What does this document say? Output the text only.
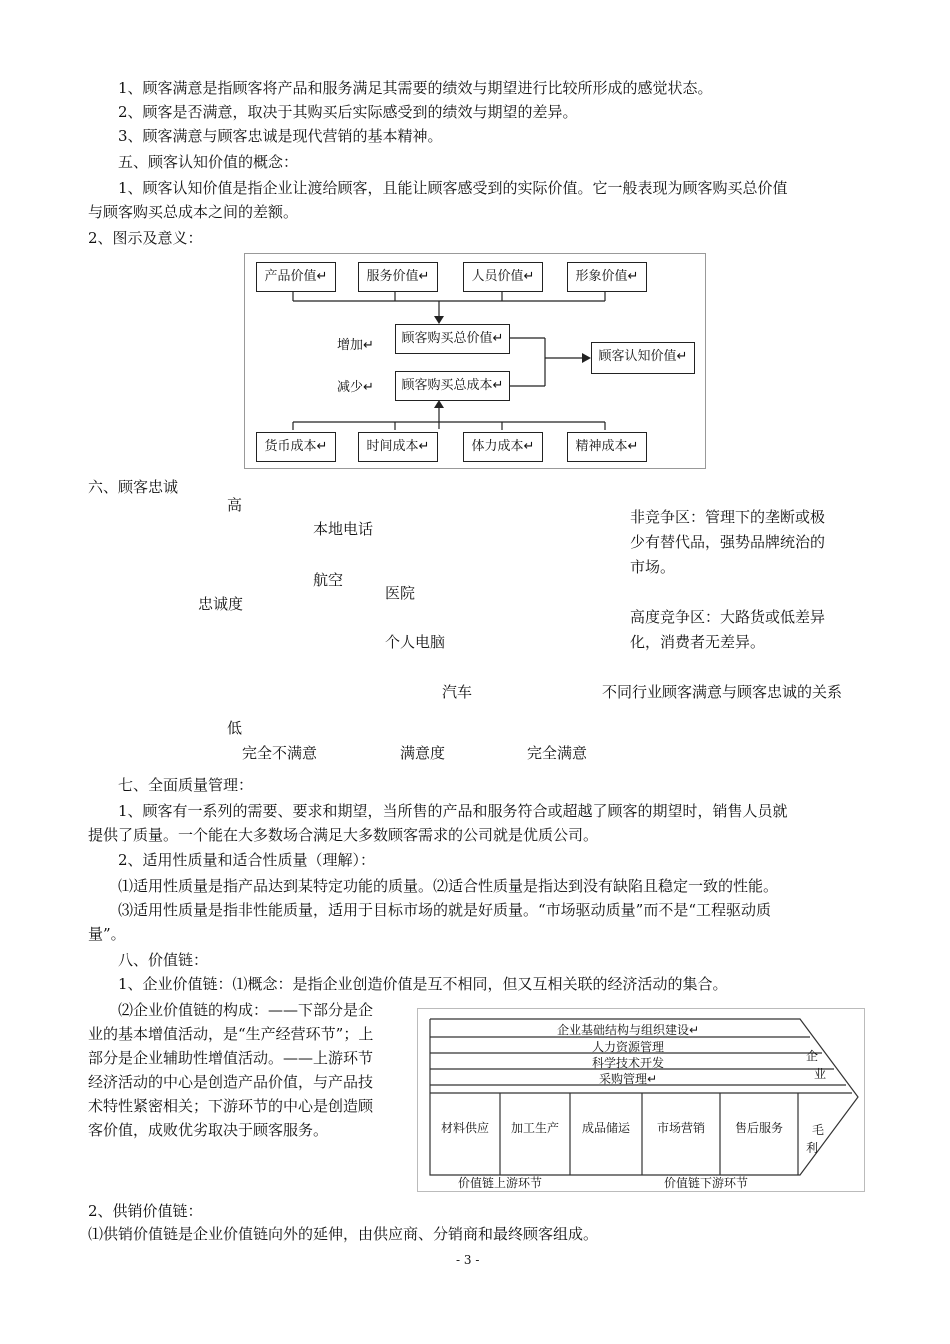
1、顾客满意是指顾客将产品和服务满足其需要的绩效与期望进行比较所形成的感觉状态。
2、顾客是否满意，取决于其购买后实际感受到的绩效与期望的差异。
3、顾客满意与顾客忠诚是现代营销的基本精神。
五、顾客认知价值的概念：
1、顾客认知价值是指企业让渡给顾客，且能让顾客感受到的实际价值。它一般表现为顾客购买总价值
与顾客购买总成本之间的差额。
2、图示及意义：
产品价值↵	服务价值↵	人员价值↵	形象价值↵
顾客购买总价值↵
顾客购买总成本↵
顾客认知价值↵
增加↵
减少↵
货币成本↵	时间成本↵	体力成本↵	精神成本↵
六、顾客忠诚
高
本地电话
航空
医院
忠诚度
个人电脑
汽车
低
完全不满意	满意度	完全满意
非竞争区：管理下的垄断或极
少有替代品，强势品牌统治的
市场。
高度竞争区：大路货或低差异
化，消费者无差异。
不同行业顾客满意与顾客忠诚的关系
七、全面质量管理：
1、顾客有一系列的需要、要求和期望，当所售的产品和服务符合或超越了顾客的期望时，销售人员就
提供了质量。一个能在大多数场合满足大多数顾客需求的公司就是优质公司。
2、适用性质量和适合性质量（理解）：
⑴适用性质量是指产品达到某特定功能的质量。⑵适合性质量是指达到没有缺陷且稳定一致的性能。
⑶适用性质量是指非性能质量，适用于目标市场的就是好质量。“市场驱动质量”而不是“工程驱动质
量”。
八、价值链：
1、企业价值链：⑴概念：是指企业创造价值是互不相同，但又互相关联的经济活动的集合。
⑵企业价值链的构成：——下部分是企
业的基本增值活动，是“生产经营环节”；上
部分是企业辅助性增值活动。——上游环节
经济活动的中心是创造产品价值，与产品技
术特性紧密相关；下游环节的中心是创造顾
客价值，成败优劣取决于顾客服务。
企业基础结构与组织建设↵
人力资源管理
科学技术开发
采购管理↵
材料供应	加工生产	成品储运	市场营销	售后服务
企
业
毛
利
价值链上游环节	价值链下游环节
2、供销价值链：
⑴供销价值链是企业价值链向外的延伸，由供应商、分销商和最终顾客组成。
- 3 -
